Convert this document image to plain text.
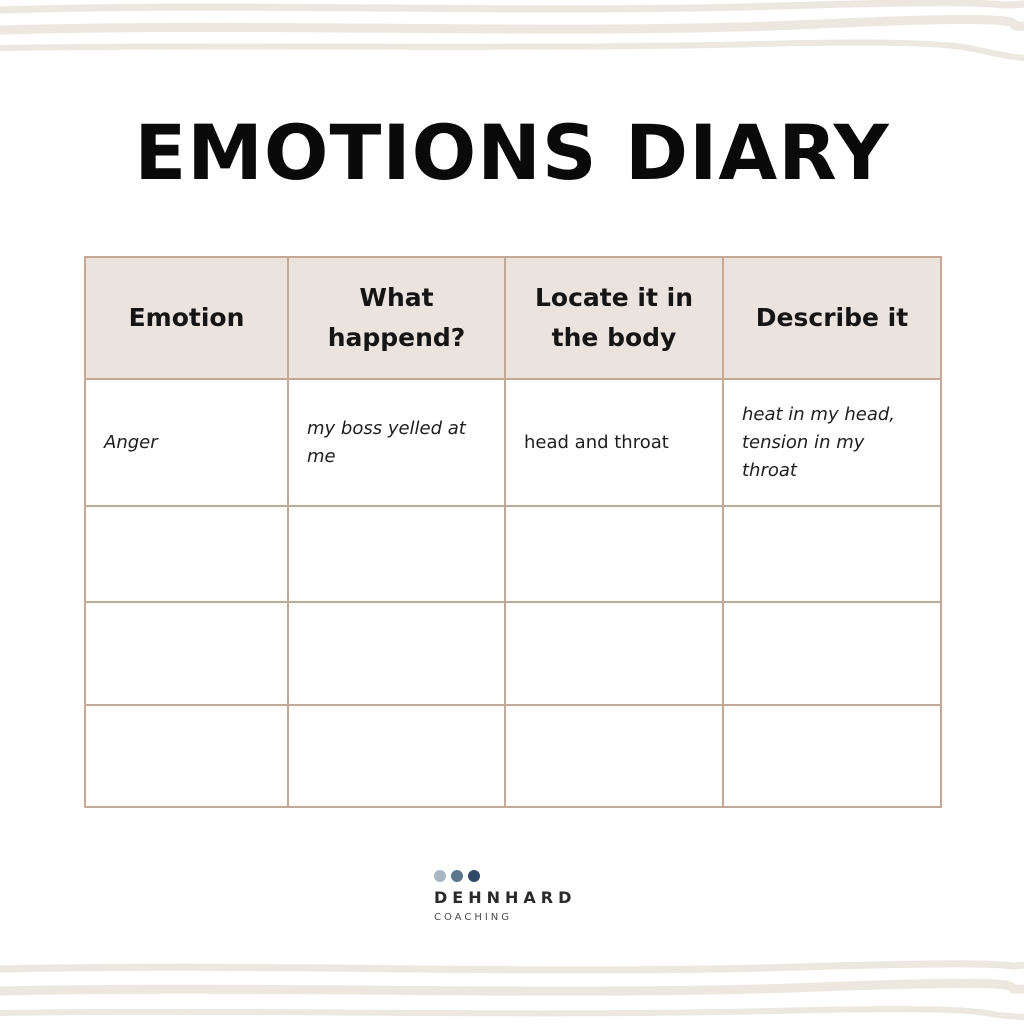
EMOTIONS DIARY
Emotion	What happend?	Locate it in the body	Describe it
Anger	my boss yelled at me	head and throat	heat in my head, tension in my throat

DEHNHARD
COACHING
